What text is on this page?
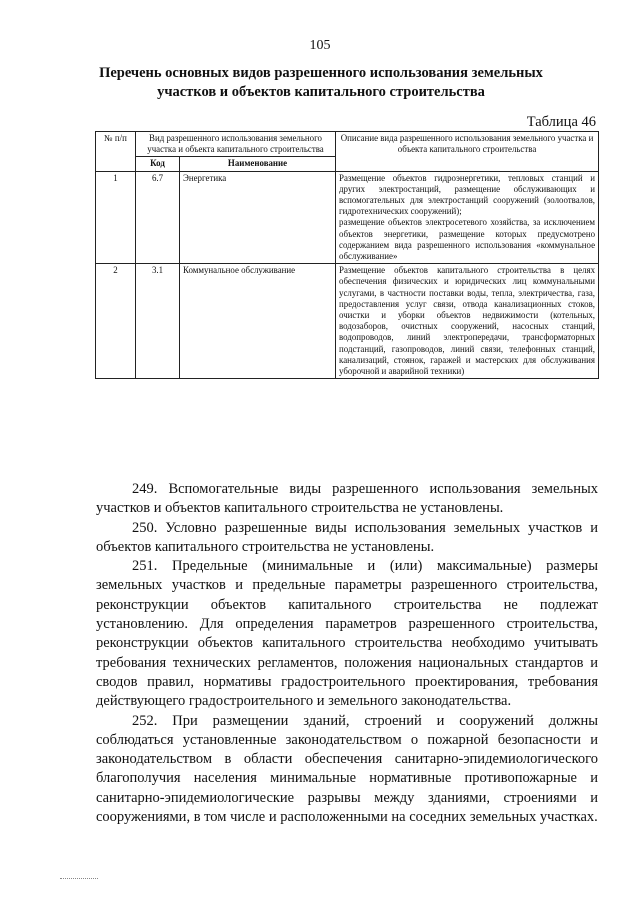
105
Перечень основных видов разрешенного использования земельных
участков и объектов капитального строительства
Таблица 46
№ п/п	Вид разрешенного использования земельного участка и объекта капитального строительства		Описание вида разрешенного использования земельного участка и объекта капитального строительства
	Код	Наименование	
1	6.7	Энергетика	Размещение объектов гидроэнергетики, тепловых станций и других электростанций, размещение обслуживающих и вспомогательных для электростанций сооружений (золоотвалов, гидротехнических сооружений);

размещение объектов электросетевого хозяйства, за исключением объектов энергетики, размещение которых предусмотрено содержанием вида разрешенного использования «коммунальное обслуживание»

2	3.1	Коммунальное обслуживание	Размещение объектов капитального строительства в целях обеспечения физических и юридических лиц коммунальными услугами, в частности поставки воды, тепла, электричества, газа, предоставления услуг связи, отвода канализационных стоков, очистки и уборки объектов недвижимости (котельных, водозаборов, очистных сооружений, насосных станций, водопроводов, линий электропередачи, трансформаторных подстанций, газопроводов, линий связи, телефонных станций, канализаций, стоянок, гаражей и мастерских для обслуживания уборочной и аварийной техники)

249. Вспомогательные виды разрешенного использования земельных участков и объектов капитального строительства не установлены.

250. Условно разрешенные виды использования земельных участков и объектов капитального строительства не установлены.

251. Предельные (минимальные и (или) максимальные) размеры земельных участков и предельные параметры разрешенного строительства, реконструкции объектов капитального строительства не подлежат установлению. Для определения параметров разрешенного строительства, реконструкции объектов капитального строительства необходимо учитывать требования технических регламентов, положения национальных стандартов и сводов правил, нормативы градостроительного проектирования, требования действующего градостроительного и земельного законодательства.

252. При размещении зданий, строений и сооружений должны соблюдаться установленные законодательством о пожарной безопасности и законодательством в области обеспечения санитарно-эпидемиологического благополучия населения минимальные нормативные противопожарные и санитарно-эпидемиологические разрывы между зданиями, строениями и сооружениями, в том числе и расположенными на соседних земельных участках.
